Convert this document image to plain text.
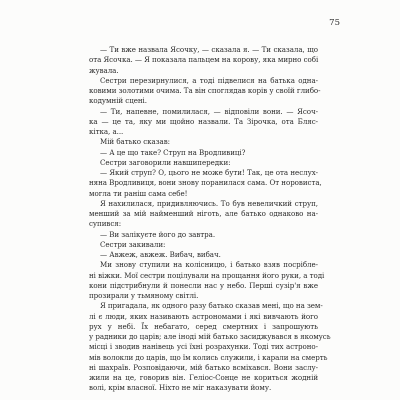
75
— Ти вже назвала Ясочку, — сказала я. — Ти сказала, що
ота Ясочка. — Я показала пальцем на корову, яка мирно собі
жувала.
Сестри перезирнулися, а тоді підвелися на батька одна-
ковими золотими очима. Та він споглядав корів у своїй глибо-
кодумній сцені.
— Ти, напевне, помилилася, — відповіли вони. — Ясоч-
ка — це та, яку ми щойно назвали. Та Зірочка, ота Бляс-
кітка, а...
Мій батько сказав:
— А це що таке? Струп на Вродливиці?
Сестри заговорили навшипередки:
— Який струп? О, цього не може бути! Так, це ота неслух-
няна Вродливиця, вони знову поранилася сама. От норовиста,
могла ти раніш сама себе!
Я нахилилася, придивляючись. То був невеличкий струп,
менший за мій найменший ніготь, але батько однаково на-
супився:
— Ви залікуєте його до завтра.
Сестри закивали:
— Авжеж, авжеж. Вибач, вибач.
Ми знову ступили на колісницю, і батько взяв посрібле-
ні віжки. Мої сестри поцілували на прощання його руки, а тоді
кони підстрибнули й понесли нас у небо. Перші сузір'я вже
прозирали у тьмяному світлі.
Я пригадала, як одного разу батько сказав мені, що на зем-
лі є люди, яких називають астрономами і які вивчають його
рух у небі. Їх небагато, серед смертних і запрошують
у радники до царів; але іноді мій батько засиджувався в якомусь
місці і зводив нанівець усі їхні розрахунки. Тоді тих астроно-
мів волокли до царів, що їм колись служили, і карали на смерть
ні шахраїв. Розповідаючи, мій батько всміхався. Вони заслу-
жили на це, говорив він. Геліос-Сонце не кориться жодній
волі, крім власної. Ніхто не міг наказувати йому.
